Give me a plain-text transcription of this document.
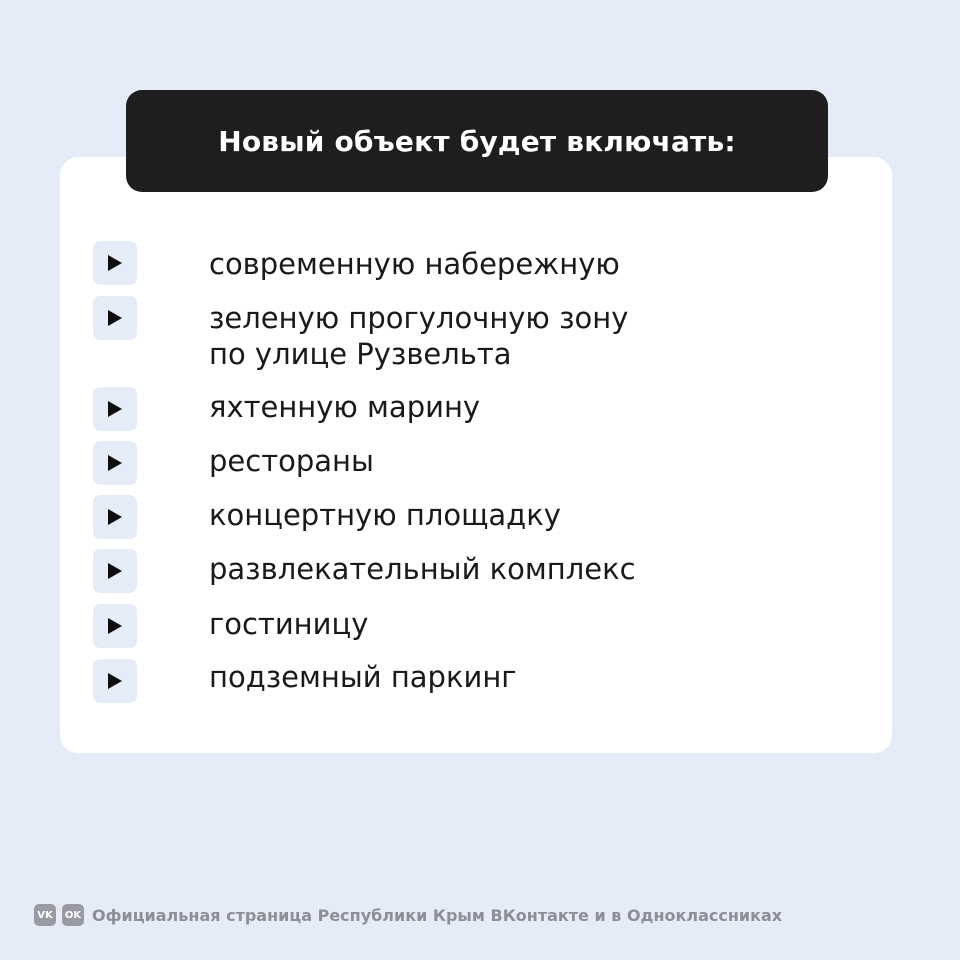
Новый объект будет включать:
современную набережную
зеленую прогулочную зону
по улице Рузвельта
яхтенную марину
рестораны
концертную площадку
развлекательный комплекс
гостиницу
подземный паркинг
VK OK Официальная страница Республики Крым ВКонтакте и в Одноклассниках
